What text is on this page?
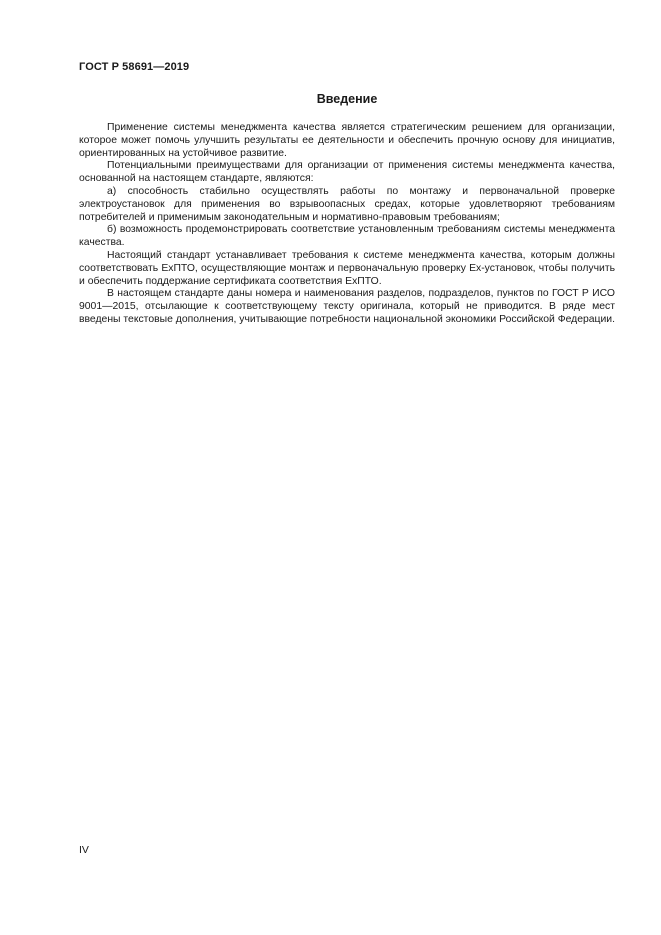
ГОСТ Р 58691—2019
Введение

Применение системы менеджмента качества является стратегическим решением для организации, которое может помочь улучшить результаты ее деятельности и обеспечить прочную основу для инициатив, ориентированных на устойчивое развитие.

Потенциальными преимуществами для организации от применения системы менеджмента качества, основанной на настоящем стандарте, являются:

а) способность стабильно осуществлять работы по монтажу и первоначальной проверке электроустановок для применения во взрывоопасных средах, которые удовлетворяют требованиям потребителей и применимым законодательным и нормативно-правовым требованиям;

б) возможность продемонстрировать соответствие установленным требованиям системы менеджмента качества.

Настоящий стандарт устанавливает требования к системе менеджмента качества, которым должны соответствовать ExПТО, осуществляющие монтаж и первоначальную проверку Ex-установок, чтобы получить и обеспечить поддержание сертификата соответствия ExПТО.

В настоящем стандарте даны номера и наименования разделов, подразделов, пунктов по ГОСТ Р ИСО 9001—2015, отсылающие к соответствующему тексту оригинала, который не приводится. В ряде мест введены текстовые дополнения, учитывающие потребности национальной экономики Российской Федерации.

IV
